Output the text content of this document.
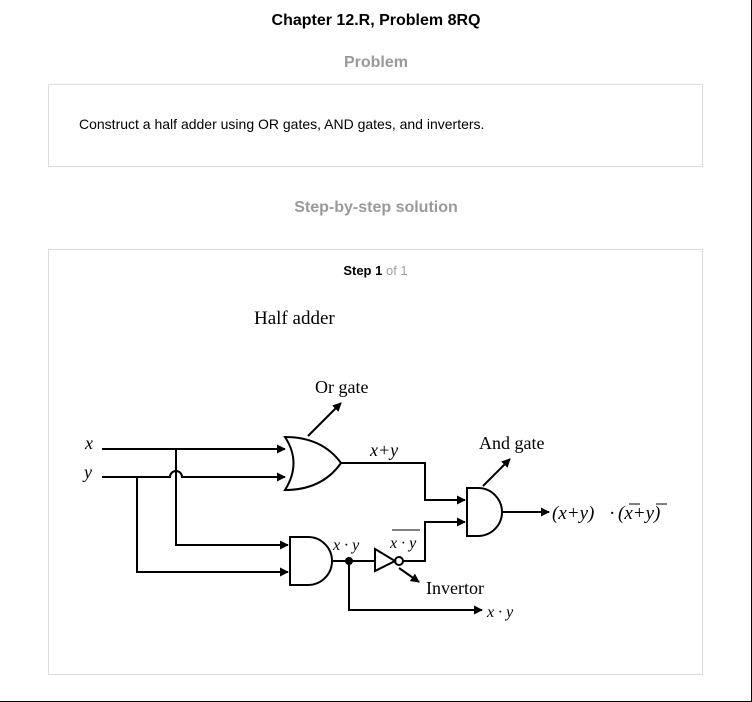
Chapter 12.R, Problem 8RQ
Problem
Construct a half adder using OR gates, AND gates, and inverters.
Step-by-step solution
Step 1 of 1
Half adder
Or gate
And gate
Invertor
x
y
x+y
x · y x · y
x · y
(x+y) · (x+y)
